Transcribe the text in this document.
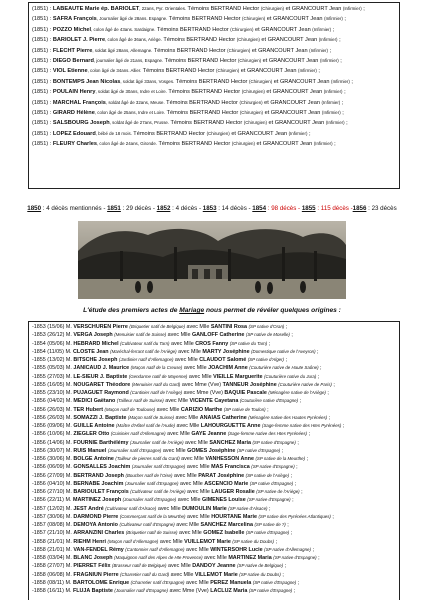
(1851) : LABEAUTE Marie ép. BARIOLET, 22ans, Pyr. Orientales. Témoins BERTRAND Hector (Chirurgien) et GRANCOURT Jean (Infirmier) ;
(1851) : SAFRA François, Journalier âgé de 28ans. Espagne. Témoins BERTRAND Hector (Chirurgien) et GRANCOURT Jean (Infirmier) ;
(1851) : POZZO Michel, colon âgé de 43ans. Sardaigne. Témoins BERTRAND Hector (Chirurgien) et GRANCOURT Jean (Infirmier) ;
(1851) : BARIOLET J. Pierre, colon âgé de 36ans, Ariège. Témoins BERTRAND Hector (Chirurgien) et GRANCOURT Jean (Infirmier) ;
(1851) : FLECHT Pierre, soldat âgé 28ans, Allemagne. Témoins BERTRAND Hector (Chirurgien) et GRANCOURT Jean (Infirmier) ;
(1851) : DIEGO Bernard, journalier âgé de 21ans, Espagne. Témoins BERTRAND Hector (Chirurgien) et GRANCOURT Jean (Infirmier) ;
(1851) : VIOL Etienne, colon âgé de 34ans. Allier. Témoins BERTRAND Hector (Chirurgien) et GRANCOURT Jean (Infirmier) ;
(1851) : BONTEMPS Jean Nicolas, soldat âgé 33ans, Vosges. Témoins BERTRAND Hector (Chirurgien) et GRANCOURT Jean (Infirmier) ;
(1851) : POULAIN Henry, soldat âgé de 30ans, Indre et Loire. Témoins BERTRAND Hector (Chirurgien) et GRANCOURT Jean (Infirmier) ;
(1851) : MARCHAL François, soldat âgé de 32ans, Meuse. Témoins BERTRAND Hector (Chirurgien) et GRANCOURT Jean (Infirmier) ;
(1851) : GIRARD Hélène, colon âgé de 25ans, Indre et Loire. Témoins BERTRAND Hector (Chirurgien) et GRANCOURT Jean (Infirmier) ;
(1851) : SALSBOURG Joseph, soldat âgé de 27ans, Prusse. Témoins BERTRAND Hector (Chirurgien) et GRANCOURT Jean (Infirmier) ;
(1851) : LOPEZ Edouard, bébé de 18 mois. Témoins BERTRAND Hector (Chirurgien) et GRANCOURT Jean (Infirmier) ;
(1851) : FLEURY Charles, colon âgé de 24ans, Gironde. Témoins BERTRAND Hector (Chirurgien) et GRANCOURT Jean (Infirmier) ;
1850 : 4 décès mentionnés - 1851 : 29 décès - 1852 : 4 décès - 1853 : 14 décès - 1854 : 98 décès - 1855 : 115 décès -1856 : 23 décès
L'étude des premiers actes de Mariage nous permet de révéler quelques origines :
-1853 (15/06) M. VERSCHUREN Pierre (Briquetier natif de Belgique) avec Mlle SANTINI Rosa (SP native d'Oran) ;
-1853 (26/12) M. VERGA Joseph (Menuisier natif de Suisse) avec Mlle GANLOFF Catherine (SP native de Moselle) ;
-1854 (05/06) M. HEBRARD Michel (Cultivateur natif du Tarn) avec Mlle CROS Fanny (SP native du Tarn) ;
-1854 (11/05) M. CLOSTE Jean (Maréchal-ferrant natif de l'Ariège) avec Mlle MARTY Joséphine (Domestique native de l'Aveyron) ;
-1855 (13/02) M. BITSCHE Joseph (Jardinier natif d'Allemagne) avec Mlle CLAUDOT Salomé (SP native d'Alger) ;
-1855 (05/03) M. JANICAUD J. Maurice (Maçon natif de la Creuse) avec Mlle JOACHIM Anne (Couturière native de Haute Saône) ;
-1855 (27/03) M. LE-SIEUR J. Baptiste (Gendarme natif de Mayenne) avec Mlle VIEILLE Marguerite (Couturière native du Jura) ;
-1855 (16/05) M. NOUGARET Théodore (Menuisier natif du Gard) avec Mme (Vve) TANNEUR Joséphine (Couturière native de Paris) ;
-1855 (23/10) M. PUJAGUET Raymond (Cantinier natif de l'Ariège) avec Mme (Vve) BAQUIE Pascale (Ménagère native de l'Ariège) ;
-1856 (04/02) M. MEDICI Gaëtano (Tailleur natif de Suisse) avec Mlle VICENTE Cayetana (Couturière native d'Espagne) ;
-1856 (26/03) M. TER Hubert (Maçon natif de Toulouse) avec Mlle CARIZIO Marthe (SP native de Toulon) ;
-1856 (26/03) M. SOMAZZI J. Baptiste (Maçon natif de Suisse) avec Mlle ANAIAS Catherine (Ménagère native des Hautes Pyrénées) ;
-1856 (09/06) M. GUILLE Antoine (Maître d'Hôtel natif de l'Aude) avec Mlle LAHOURGUETTE Anne (Sage-femme native des Htes Pyrénées) ;
-1856 (10/06) M. ZIEGLER Otto (Cuisinier natif d'Allemagne) avec Mlle GAYE Jeanne (Sage-femme native des Htes Pyrénées) ;
-1856 (14/06) M. FOURNIE Barthélémy (Journalier natif de l'Ariège) avec Mlle SANCHEZ Maria (SP native d'Espagne) ;
-1856 (30/07) M. RUIS Manuel (Journalier natif d'Espagne) avec Mlle GOMES Joséphine (SP native d'Espagne) ;
-1856 (30/06) M. BOLGE Antoine (Tailleur de pierres natif du Gard) avec Mlle VANHESSON Anne (SP native de la Meurthe) ;
-1856 (06/09) M. GONSALLES Joachim (Journalier natif d'Espagne) avec Mlle MAS Francisca (SP native d'Espagne) ;
-1856 (27/09) M. BERTRAND Joseph (Boucher natif de l'Oise) avec Mlle PARAT Joséphine (SP native de l'Ariège) ;
-1856 (04/10) M. BERNABE Joachim (Journalier natif d'Espagne) avec Mlle ASCENCIO Marie (SP native d'Espagne) ;
-1856 (27/10) M. BARIOULET François (Cultivateur natif de l'Ariège) avec Mlle LAUGER Rosalie (SP native de l'Ariège) ;
-1856 (22/11) M. MARTINEZ Joseph (Journalier natif d'Espagne) avec Mlle GIMENES Louise (SP native d'Espagne) ;
-1857 (12/02) M. JEST André (Cultivateur natif d'Alsace) avec Mlle DUMOULIN Marie (SP native d'Alsace) ;
-1857 (30/06) M. DARMOND Pierre (Commerçant natif de la Meurthe) avec Mlle HOURTANE Marie (SP native des Pyrénées Atlantiques) ;
-1857 (08/08) M. DEMOYA Antonio (Cultivateur natif d'Espagne) avec Mlle SANCHEZ Marcelina (SP native de ?) ;
-1857 (21/10) M. ARRANZINI Charles (Briquetier natif de Suisse) avec Mlle GOMEZ Isabelle (SP native d'Espagne) ;
-1858 (21/01) M. RIEHM Henri (Maçon natif d'Allemagne) avec Mlle VUILLEMOT Marie (SP native du Doubs) ;
-1858 (21/01) M. VAN-FENDEL Rémy (Cantonnier natif d'Allemagne) avec Mlle WINTERSOHR Lucie (SP native d'Allemagne) ;
-1858 (03/04) M. BLANC Joseph (Maquignon natif des Alpes de Hte Provence) avec Mlle MARTINEZ Maria (SP native d'Espagne) ;
-1858 (27/07) M. PIERRET Félix (Brasseur natif de Belgique) avec Mlle DANDOY Jeanne (SP native de Belgique) ;
-1858 (06/08) M. FRAGNIUN Pierre (Charretier natif du Gard) avec Mlle VILLEMOT Marie (SP native du Doubs) ;
-1858 (08/11) M. BARTOLOME Enrique (Charretier natif d'Espagne) avec Mlle PEREZ Manuela (SP native d'Espagne) ;
-1858 (16/11) M. FLUJA Baptiste (Journalier natif d'Espagne) avec Mme (Vve) LACLUZ Maria (SP native d'Espagne) ;
